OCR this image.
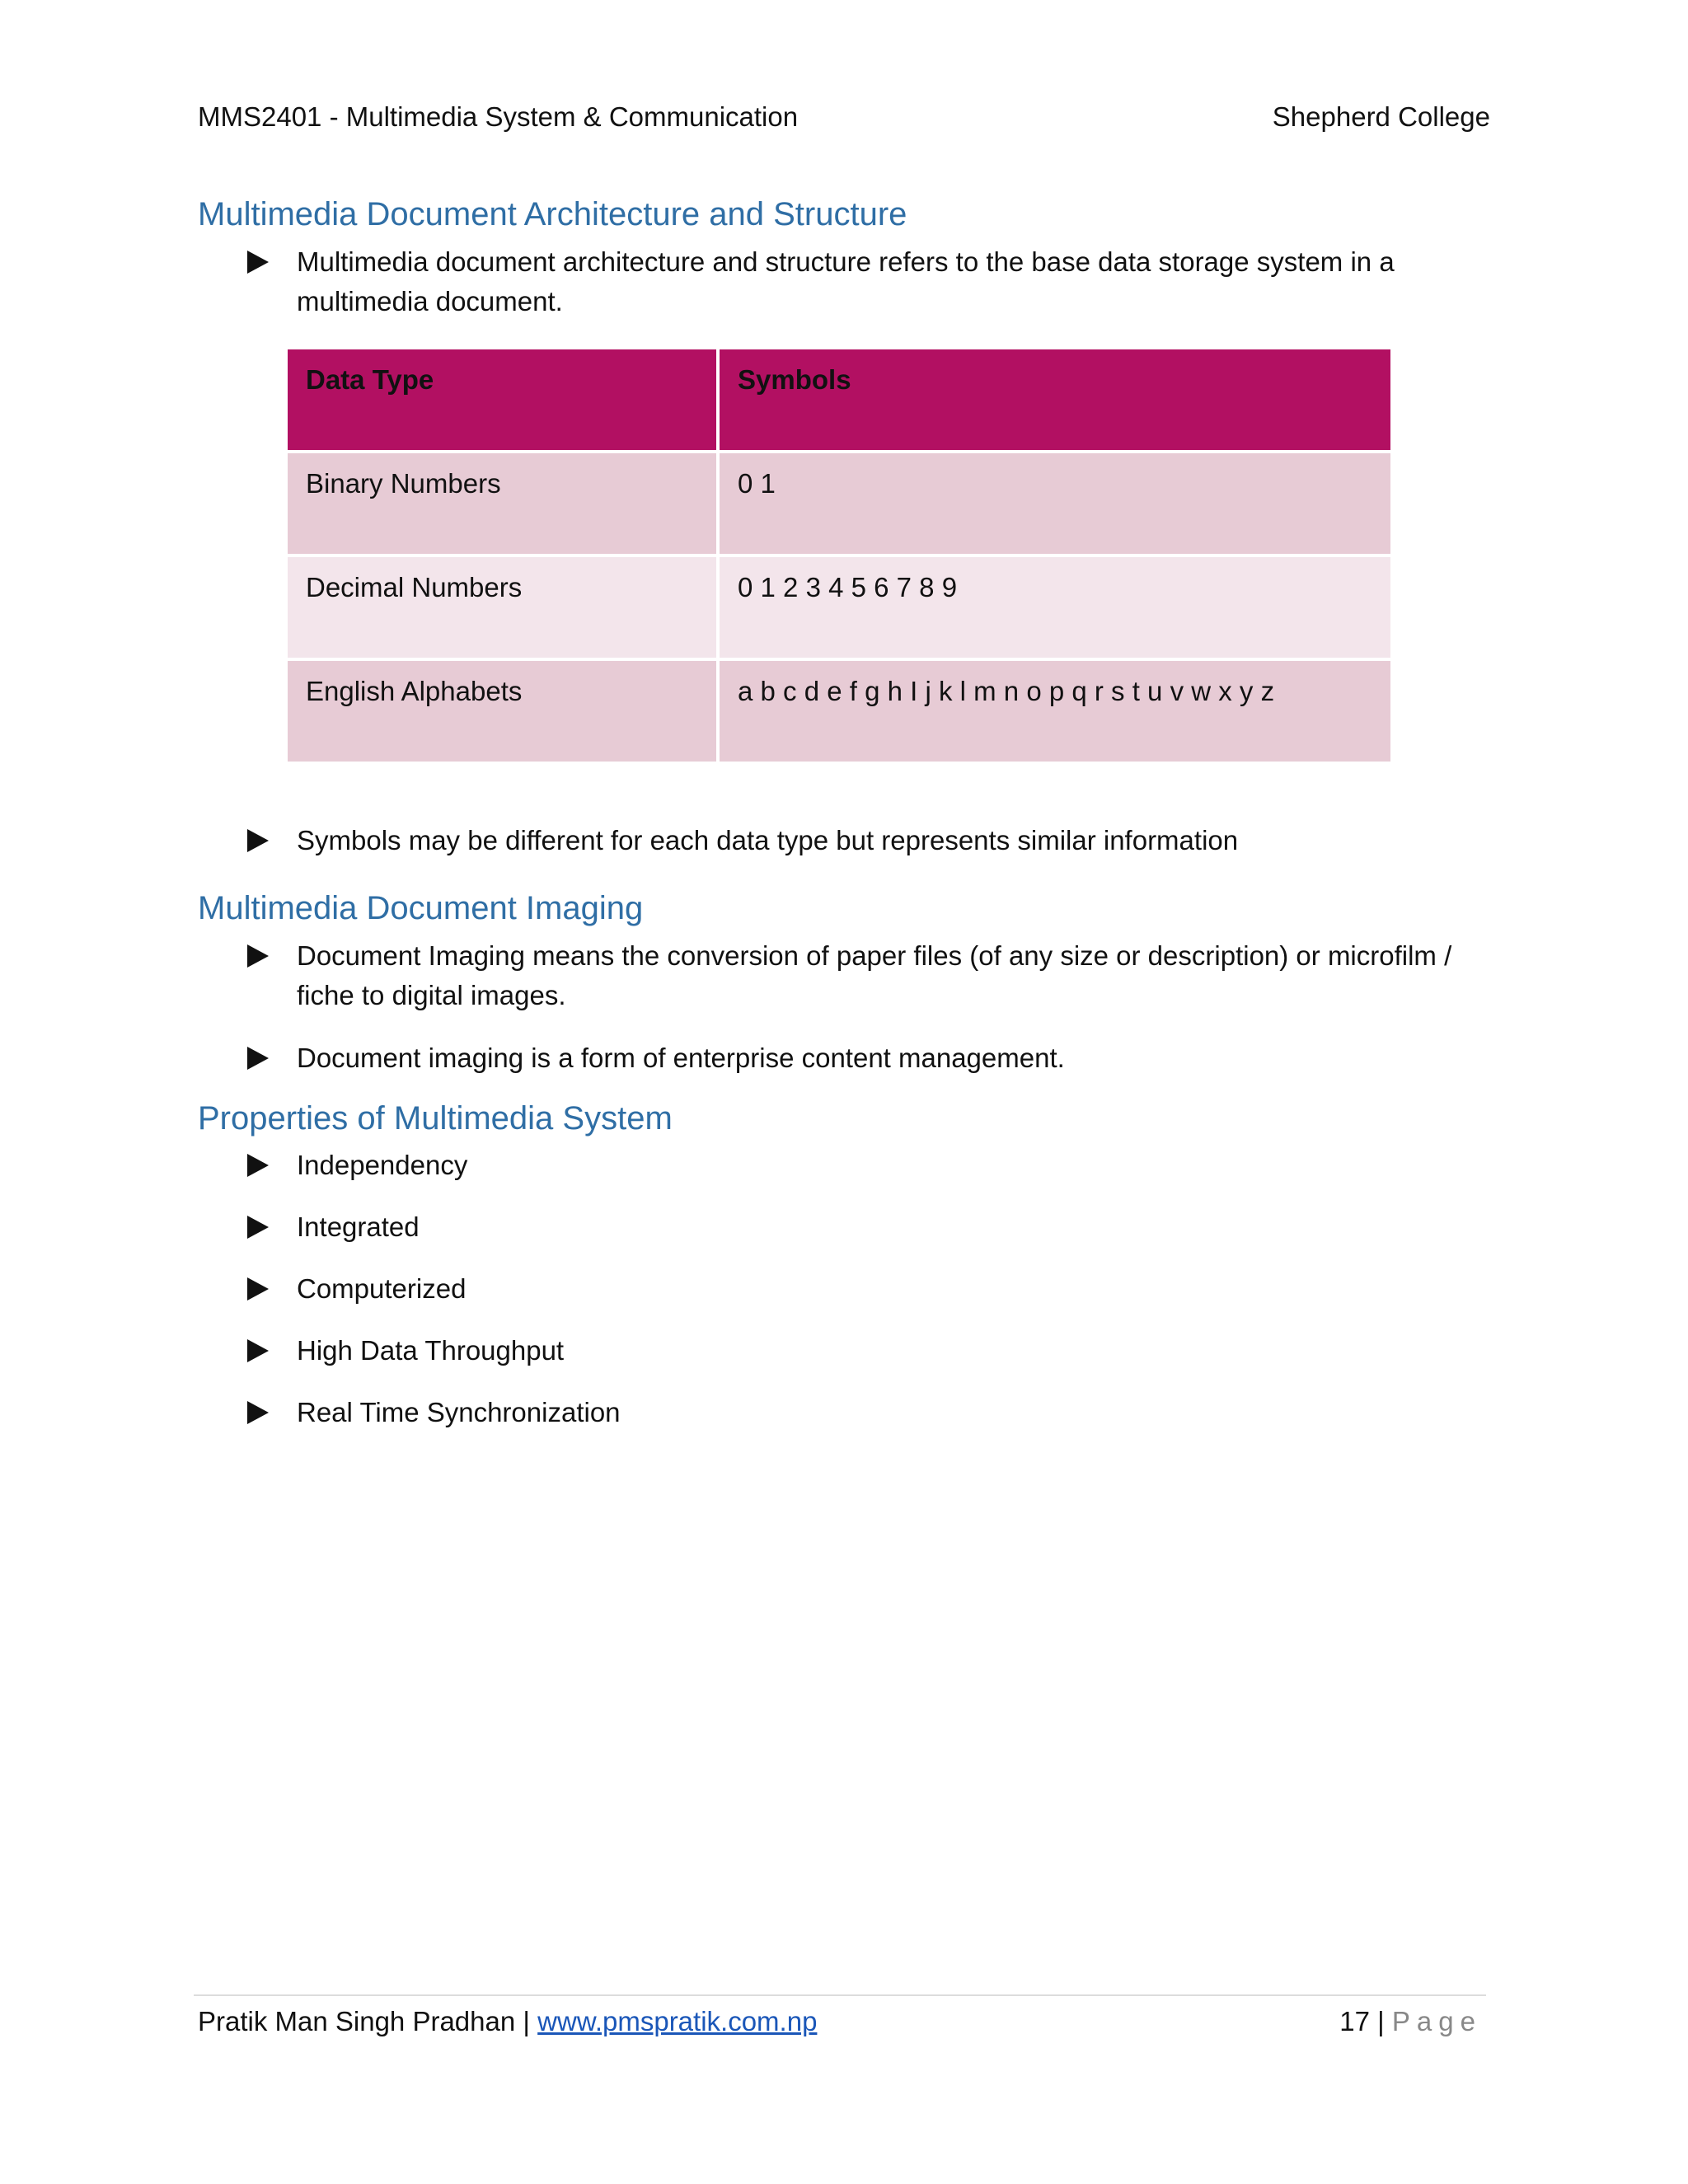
MMS2401 - Multimedia System & Communication	Shepherd College
Multimedia Document Architecture and Structure
Multimedia document architecture and structure refers to the base data storage system in a multimedia document.
Data Type	Symbols
Binary Numbers	0 1
Decimal Numbers	0 1 2 3 4 5 6 7 8 9
English Alphabets	a b c d e f g h I j k l m n o p q r s t u v w x y z
Symbols may be different for each data type but represents similar information
Multimedia Document Imaging
Document Imaging means the conversion of paper files (of any size or description) or microfilm / fiche to digital images.
Document imaging is a form of enterprise content management.
Properties of Multimedia System
Independency
Integrated
Computerized
High Data Throughput
Real Time Synchronization
Pratik Man Singh Pradhan | www.pmspratik.com.np	17 | Page
